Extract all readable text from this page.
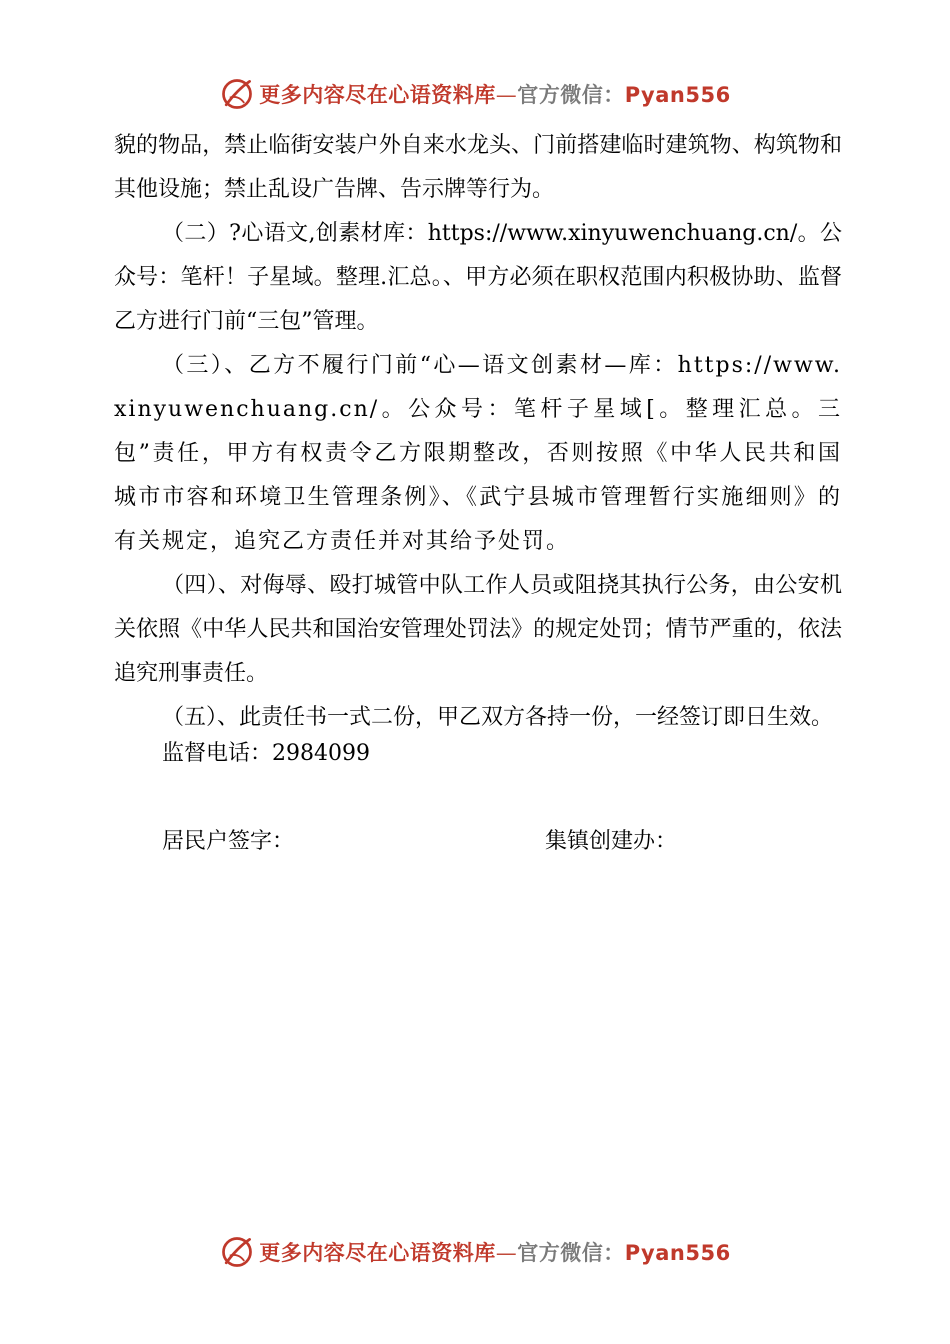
更多内容尽在心语资料库—官方微信：Pyan556

貌的物品，禁止临街安装户外自来水龙头、门前搭建临时建筑物、构筑物和其他设施；禁止乱设广告牌、告示牌等行为。

（二）?心语文,创素材库：https://www.xinyuwenchuang.cn/。公众号：笔杆！子星域。整理.汇总。、甲方必须在职权范围内积极协助、监督乙方进行门前“三包”管理。

（三）、乙方不履行门前“心—语文创素材—库：https://www.xinyuwenchuang.cn/。公众号：笔杆子星域[。整理汇总。三包”责任，甲方有权责令乙方限期整改，否则按照《中华人民共和国城市市容和环境卫生管理条例》、《武宁县城市管理暂行实施细则》的有关规定，追究乙方责任并对其给予处罚。

（四）、对侮辱、殴打城管中队工作人员或阻挠其执行公务，由公安机关依照《中华人民共和国治安管理处罚法》的规定处罚；情节严重的，依法追究刑事责任。

（五）、此责任书一式二份，甲乙双方各持一份，一经签订即日生效。

监督电话：2984099

居民户签字：	集镇创建办：

更多内容尽在心语资料库—官方微信：Pyan556
